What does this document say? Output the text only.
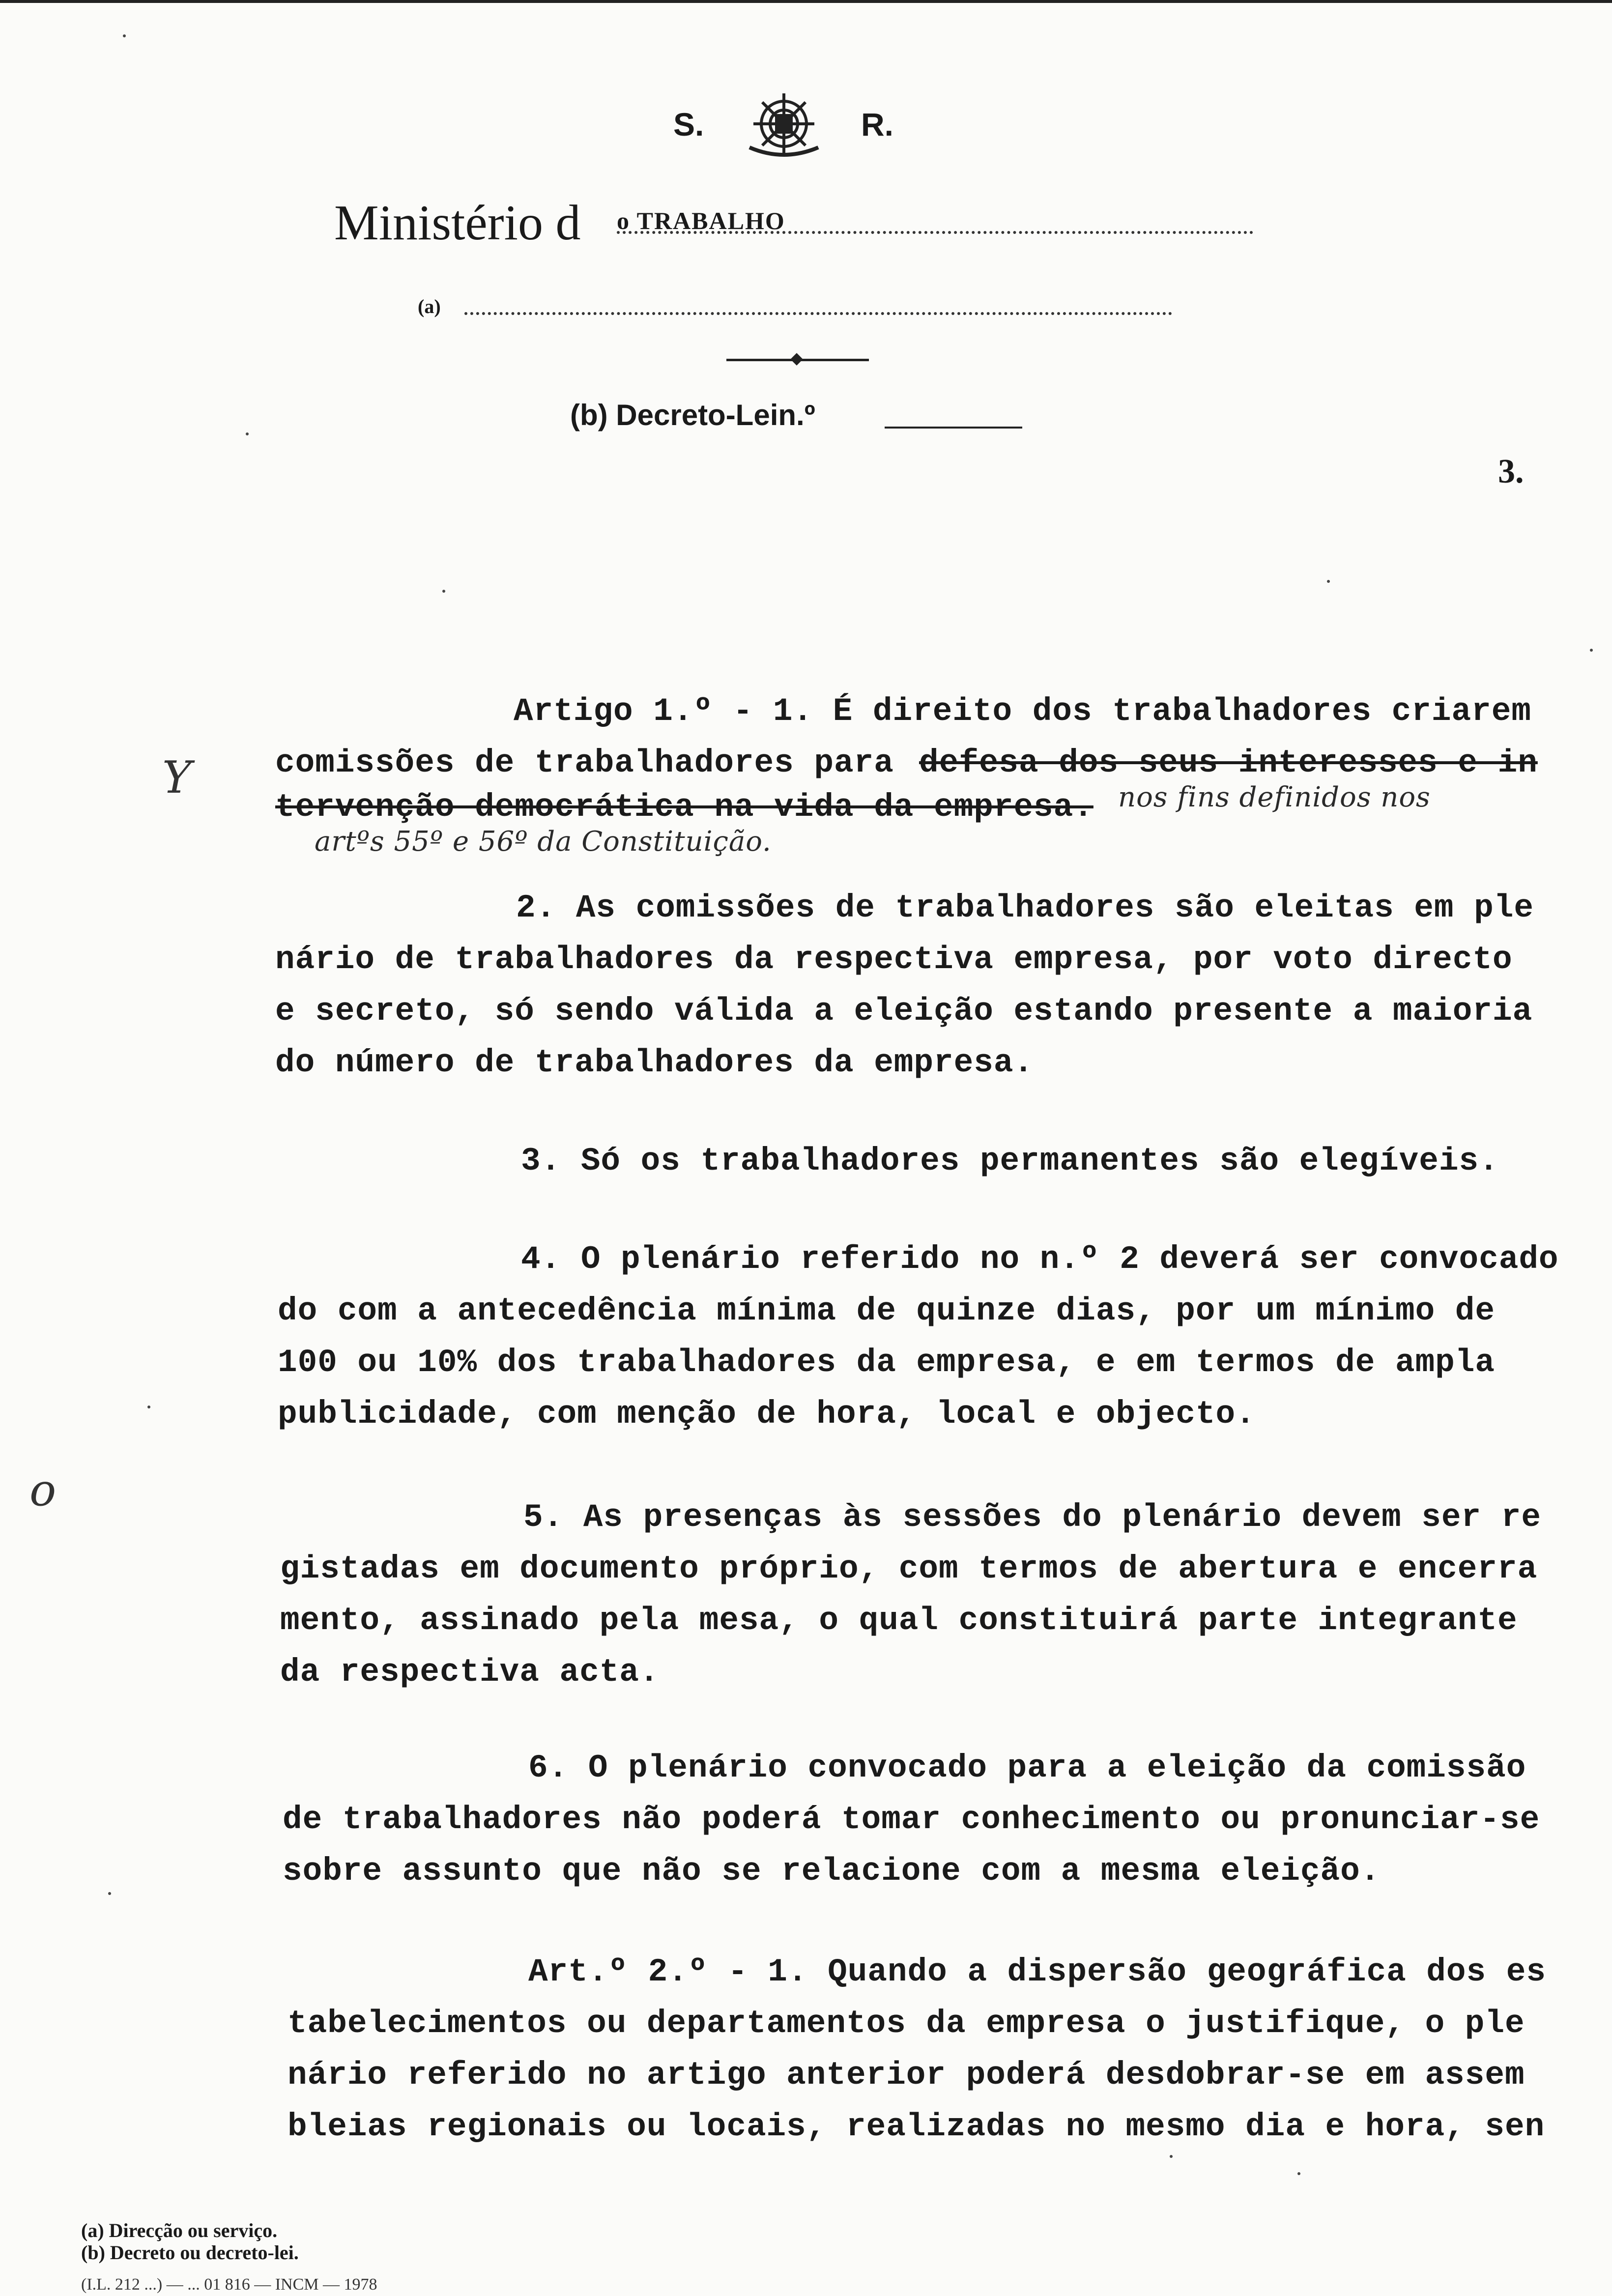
S.	R.
Ministério d o TRABALHO
(a)
(b) Decreto-Lein.º
3.
Artigo 1.º - 1. É direito dos trabalhadores criarem
comissões de trabalhadores para defesa dos seus interesses e in
tervenção democrática na vida da empresa. nos fins definidos nos
artºs 55º e 56º da Constituição.
2. As comissões de trabalhadores são eleitas em ple
nário de trabalhadores da respectiva empresa, por voto directo
e secreto, só sendo válida a eleição estando presente a maioria
do número de trabalhadores da empresa.
3. Só os trabalhadores permanentes são elegíveis.
4. O plenário referido no n.º 2 deverá ser convocado
do com a antecedência mínima de quinze dias, por um mínimo de
100 ou 10% dos trabalhadores da empresa, e em termos de ampla
publicidade, com menção de hora, local e objecto.
5. As presenças às sessões do plenário devem ser re
gistadas em documento próprio, com termos de abertura e encerra
mento, assinado pela mesa, o qual constituirá parte integrante
da respectiva acta.
6. O plenário convocado para a eleição da comissão
de trabalhadores não poderá tomar conhecimento ou pronunciar-se
sobre assunto que não se relacione com a mesma eleição.
Art.º 2.º - 1. Quando a dispersão geográfica dos es
tabelecimentos ou departamentos da empresa o justifique, o ple
nário referido no artigo anterior poderá desdobrar-se em assem
bleias regionais ou locais, realizadas no mesmo dia e hora, sen
Y
o
(a) Direcção ou serviço.
(b) Decreto ou decreto-lei.
(I.L. 212 ...) — ... 01 816 — INCM — 1978
